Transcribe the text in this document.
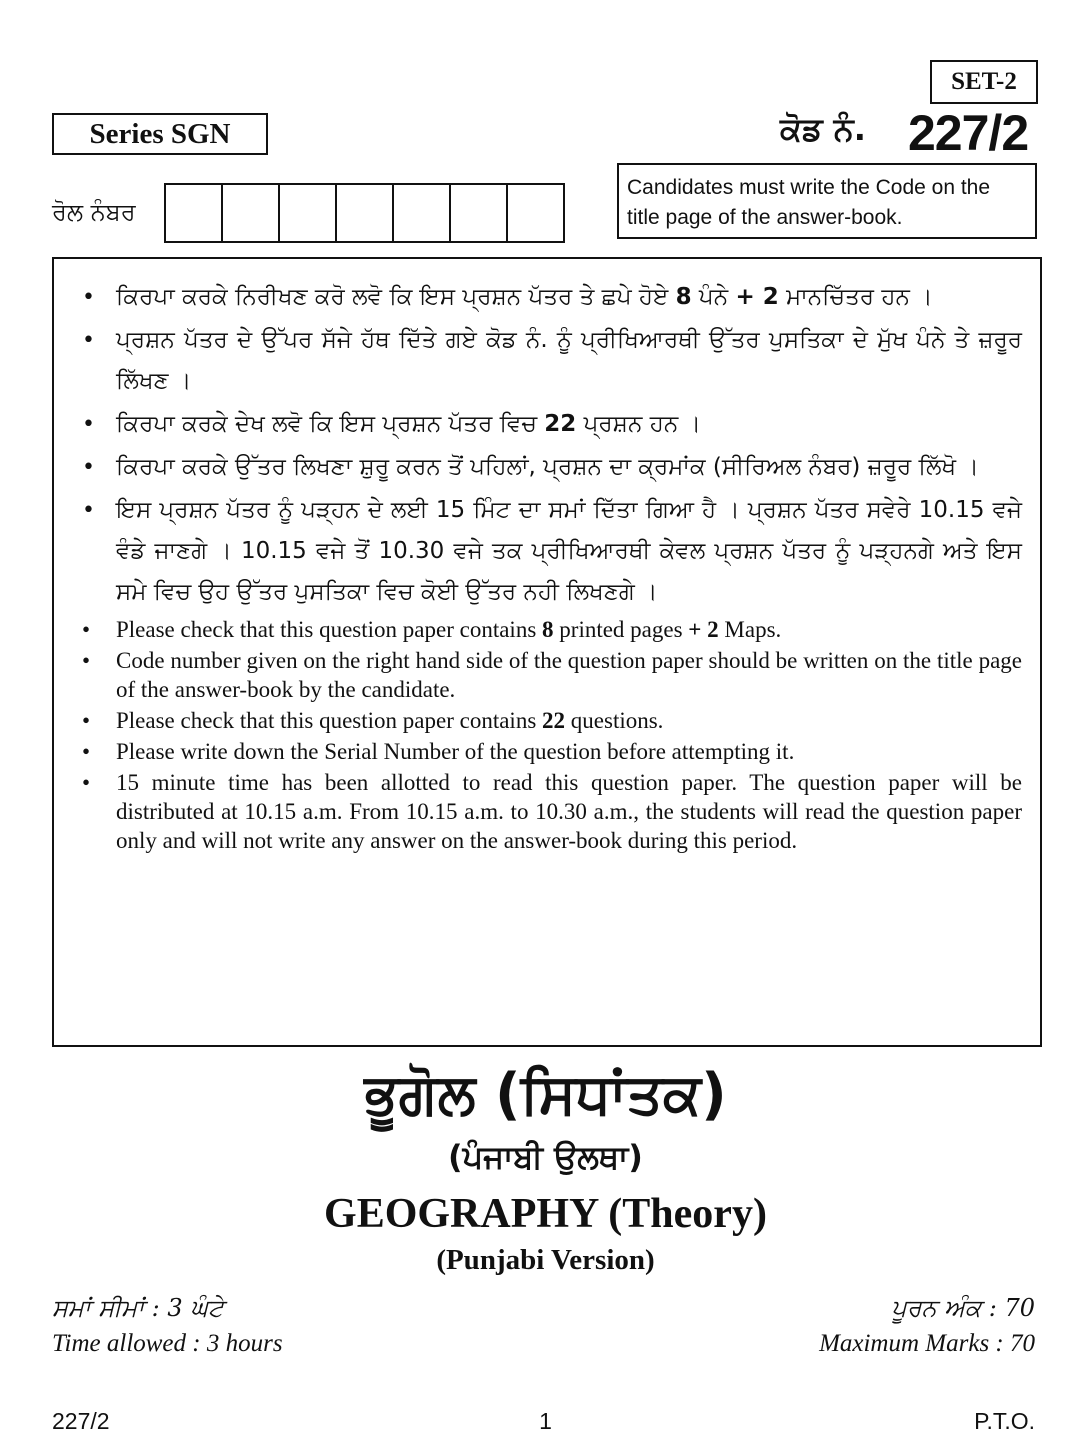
SET-2
Series SGN	ਕੋਡ ਨੰ. 227/2
ਰੋਲ ਨੰਬਰ
Candidates must write the Code on the title page of the answer-book.
• ਕਿਰਪਾ ਕਰਕੇ ਨਿਰੀਖਣ ਕਰੋ ਲਵੋ ਕਿ ਇਸ ਪ੍ਰਸ਼ਨ ਪੱਤਰ ਤੇ ਛਪੇ ਹੋਏ 8 ਪੰਨੇ + 2 ਮਾਨਚਿੱਤਰ ਹਨ ।
• ਪ੍ਰਸ਼ਨ ਪੱਤਰ ਦੇ ਉੱਪਰ ਸੱਜੇ ਹੱਥ ਦਿੱਤੇ ਗਏ ਕੋਡ ਨੰ. ਨੂੰ ਪ੍ਰੀਖਿਆਰਥੀ ਉੱਤਰ ਪੁਸਤਿਕਾ ਦੇ ਮੁੱਖ ਪੰਨੇ ਤੇ ਜ਼ਰੂਰ ਲਿੱਖਣ ।
• ਕਿਰਪਾ ਕਰਕੇ ਦੇਖ ਲਵੋ ਕਿ ਇਸ ਪ੍ਰਸ਼ਨ ਪੱਤਰ ਵਿਚ 22 ਪ੍ਰਸ਼ਨ ਹਨ ।
• ਕਿਰਪਾ ਕਰਕੇ ਉੱਤਰ ਲਿਖਣਾ ਸ਼ੁਰੂ ਕਰਨ ਤੋਂ ਪਹਿਲਾਂ, ਪ੍ਰਸ਼ਨ ਦਾ ਕ੍ਰਮਾਂਕ (ਸੀਰਿਅਲ ਨੰਬਰ) ਜ਼ਰੂਰ ਲਿੱਖੋ ।
• ਇਸ ਪ੍ਰਸ਼ਨ ਪੱਤਰ ਨੂੰ ਪੜ੍ਹਨ ਦੇ ਲਈ 15 ਮਿੰਟ ਦਾ ਸਮਾਂ ਦਿੱਤਾ ਗਿਆ ਹੈ । ਪ੍ਰਸ਼ਨ ਪੱਤਰ ਸਵੇਰੇ 10.15 ਵਜੇ ਵੰਡੇ ਜਾਣਗੇ । 10.15 ਵਜੇ ਤੋਂ 10.30 ਵਜੇ ਤਕ ਪ੍ਰੀਖਿਆਰਥੀ ਕੇਵਲ ਪ੍ਰਸ਼ਨ ਪੱਤਰ ਨੂੰ ਪੜ੍ਹਨਗੇ ਅਤੇ ਇਸ ਸਮੇ ਵਿਚ ਉਹ ਉੱਤਰ ਪੁਸਤਿਕਾ ਵਿਚ ਕੋਈ ਉੱਤਰ ਨਹੀ ਲਿਖਣਗੇ ।
• Please check that this question paper contains 8 printed pages + 2 Maps.
• Code number given on the right hand side of the question paper should be written on the title page of the answer-book by the candidate.
• Please check that this question paper contains 22 questions.
• Please write down the Serial Number of the question before attempting it.
• 15 minute time has been allotted to read this question paper. The question paper will be distributed at 10.15 a.m. From 10.15 a.m. to 10.30 a.m., the students will read the question paper only and will not write any answer on the answer-book during this period.
ਭੂਗੋਲ (ਸਿਧਾਂਤਕ)
(ਪੰਜਾਬੀ ਉਲਥਾ)
GEOGRAPHY (Theory)
(Punjabi Version)
ਸਮਾਂ ਸੀਮਾਂ : 3 ਘੰਟੇ	ਪੂਰਨ ਅੰਕ : 70
Time allowed : 3 hours	Maximum Marks : 70
227/2	1	P.T.O.
